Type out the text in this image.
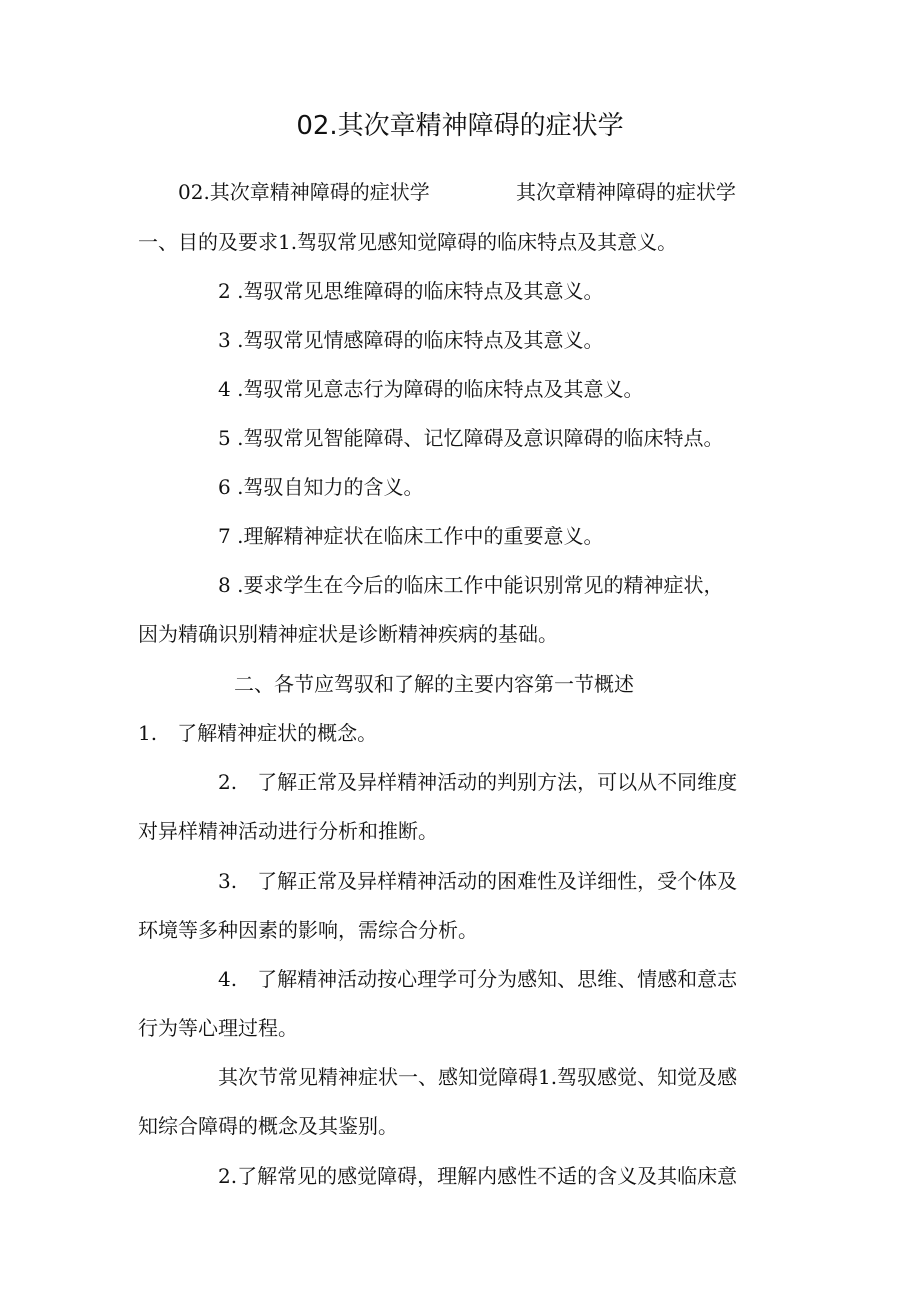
02.其次章精神障碍的症状学
02.其次章精神障碍的症状学	其次章精神障碍的症状学
一、目的及要求1.驾驭常见感知觉障碍的临床特点及其意义。
2 .驾驭常见思维障碍的临床特点及其意义。
3 .驾驭常见情感障碍的临床特点及其意义。
4 .驾驭常见意志行为障碍的临床特点及其意义。
5 .驾驭常见智能障碍、记忆障碍及意识障碍的临床特点。
6 .驾驭自知力的含义。
7 .理解精神症状在临床工作中的重要意义。
8 .要求学生在今后的临床工作中能识别常见的精神症状，
因为精确识别精神症状是诊断精神疾病的基础。
二、各节应驾驭和了解的主要内容第一节概述
1.　了解精神症状的概念。
2.　了解正常及异样精神活动的判别方法，可以从不同维度
对异样精神活动进行分析和推断。
3.　了解正常及异样精神活动的困难性及详细性，受个体及
环境等多种因素的影响，需综合分析。
4.　了解精神活动按心理学可分为感知、思维、情感和意志
行为等心理过程。
其次节常见精神症状一、感知觉障碍1.驾驭感觉、知觉及感
知综合障碍的概念及其鉴别。
2.了解常见的感觉障碍，理解内感性不适的含义及其临床意
